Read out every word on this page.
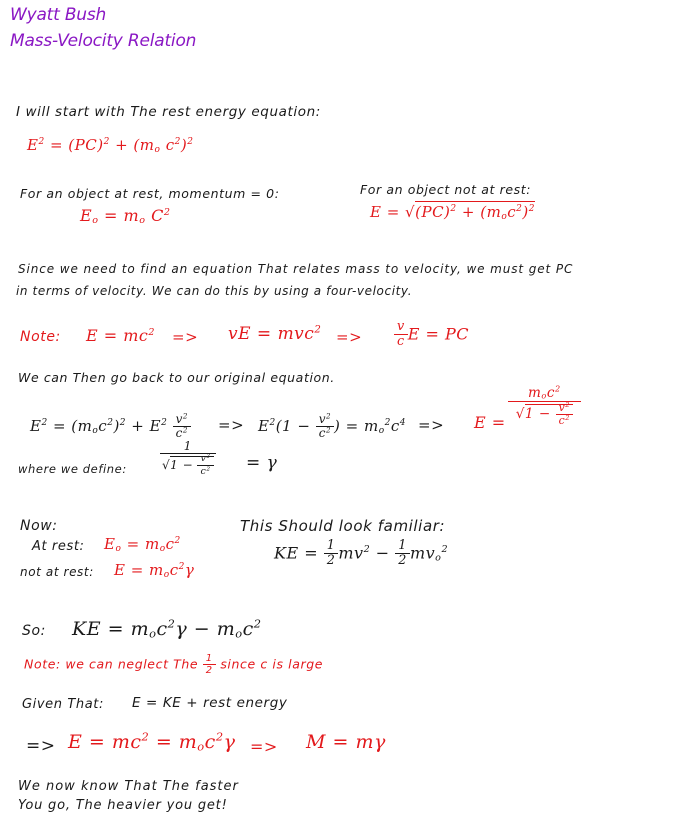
Wyatt Bush
Mass-Velocity Relation
I will start with The rest energy equation:
$E^2 = (PC)^2 + (m_o$ $c^2)^2$
For an object at rest, momentum = 0:
$E_o = m_o$ $C^2$
For an object not at rest:
$E = √(PC)^2 + (m_oc^2)^2$
Since we need to find an equation That relates mass to velocity, we must get PC
in terms of velocity. We can do this by using a four-velocity.
Note: $E = mc^2$ => vE = $mvc^2 => \frac{v}{c}$ E = PC
We can Then go back to our original equation.
$E^2 = (m_oc^2)^2 + E^2 \frac{v^2}{c^2} => E^2(1 - \frac{v^2}{c^2}$ ) = $m_o^2c^4 => E = \frac{m_oc^2}{√1 - \frac{v^2}{c^2}}$
where we define:	$\frac{1}{√1 - \frac{v^2}{c^2}} = \gamma$
Now:
At rest: $E_o = m_oc^2$
not at rest: $E = m_oc^2\gamma$
This Should look familiar:
KE = $\frac{1}{2} mv^2 - \frac{1}{2} mv_o^2$
So: KE = $m_oc^2\gamma - m_oc^2$
Note: we can neglect The $\frac{1}{2}$ since c is large
Given That: E = KE + rest energy
=> $E = mc^2 = m_oc^2\gamma => M = m\gamma$
We now know That The faster
You go, The heavier you get!
